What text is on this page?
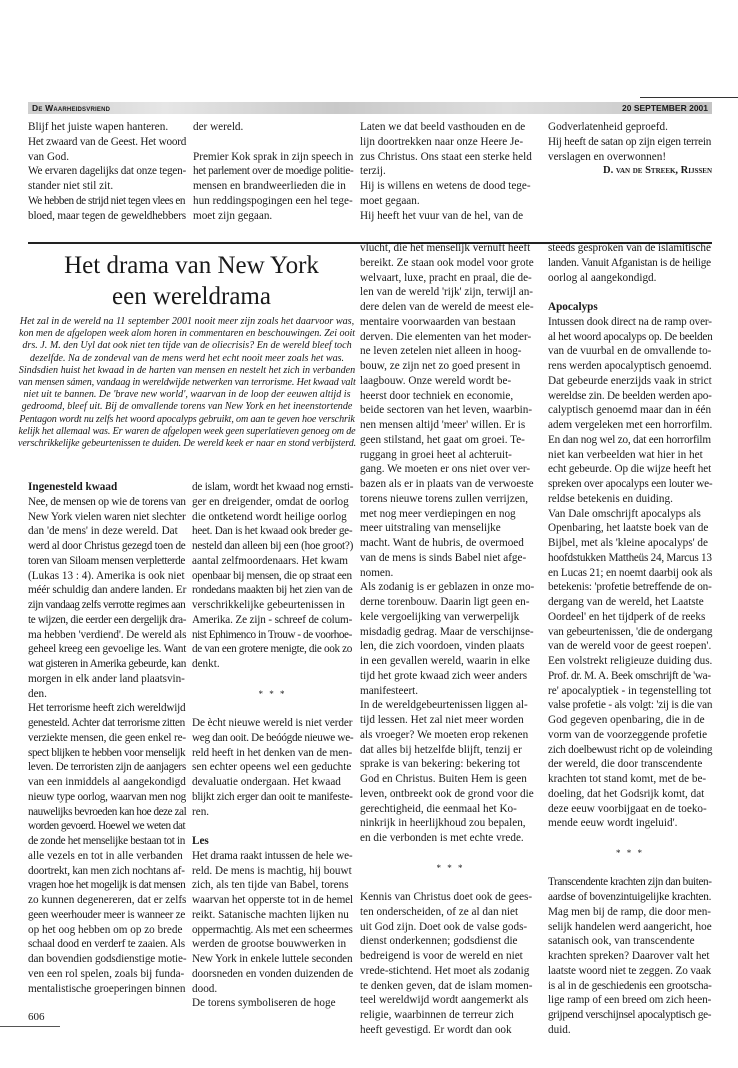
De Waarheidsvriend	20 SEPTEMBER 2001
Blijf het juiste wapen hanteren.
Het zwaard van de Geest. Het woord
van God.
We ervaren dagelijks dat onze tegen-
stander niet stil zit.
We hebben de strijd niet tegen vlees en
bloed, maar tegen de geweldhebbers
der wereld.
Premier Kok sprak in zijn speech in
het parlement over de moedige politie-
mensen en brandweerlieden die in
hun reddingspogingen een hel tege-
moet zijn gegaan.
Laten we dat beeld vasthouden en de
lijn doortrekken naar onze Heere Je-
zus Christus. Ons staat een sterke held
terzij.
Hij is willens en wetens de dood tege-
moet gegaan.
Hij heeft het vuur van de hel, van de
Godverlatenheid geproefd.
Hij heeft de satan op zijn eigen terrein
verslagen en overwonnen!
D. van de Streek, Rijssen
Het drama van New York
een wereldrama
Het zal in de wereld na 11 september 2001 nooit meer zijn zoals het daarvoor was,
kon men de afgelopen week alom horen in commentaren en beschouwingen. Zei ooit
drs. J. M. den Uyl dat ook niet ten tijde van de oliecrisis? En de wereld bleef toch
dezelfde. Na de zondeval van de mens werd het echt nooit meer zoals het was.
Sindsdien huist het kwaad in de harten van mensen en nestelt het zich in verbanden
van mensen sámen, vandaag in wereldwijde netwerken van terrorisme. Het kwaad valt
niet uit te bannen. De 'brave new world', waarvan in de loop der eeuwen altijd is
gedroomd, bleef uit. Bij de omvallende torens van New York en het ineenstortende
Pentagon wordt nu zelfs het woord apocalyps gebruikt, om aan te geven hoe verschrik
kelijk het allemaal was. Er waren de afgelopen week geen superlatieven genoeg om de
verschrikkelijke gebeurtenissen te duiden. De wereld keek er naar en stond verbijsterd.
Ingenesteld kwaad
Nee, de mensen op wie de torens van
New York vielen waren niet slechter
dan 'de mens' in deze wereld. Dat
werd al door Christus gezegd toen de
toren van Siloam mensen verpletterde
(Lukas 13 : 4). Amerika is ook niet
méér schuldig dan andere landen. Er
zijn vandaag zelfs verrotte regimes aan
te wijzen, die eerder een dergelijk dra-
ma hebben 'verdiend'. De wereld als
geheel kreeg een gevoelige les. Want
wat gisteren in Amerika gebeurde, kan
morgen in elk ander land plaatsvin-
den.
Het terrorisme heeft zich wereldwijd
genesteld. Achter dat terrorisme zitten
verziekte mensen, die geen enkel re-
spect blijken te hebben voor menselijk
leven. De terroristen zijn de aanjagers
van een inmiddels al aangekondigd
nieuw type oorlog, waarvan men nog
nauwelijks bevroeden kan hoe deze zal
worden gevoerd. Hoewel we weten dat
de zonde het menselijke bestaan tot in
alle vezels en tot in alle verbanden
doortrekt, kan men zich nochtans af-
vragen hoe het mogelijk is dat mensen
zo kunnen degenereren, dat er zelfs
geen weerhouder meer is wanneer ze
op het oog hebben om op zo brede
schaal dood en verderf te zaaien. Als
dan bovendien godsdienstige motie-
ven een rol spelen, zoals bij funda-
mentalistische groeperingen binnen
de islam, wordt het kwaad nog ernsti-
ger en dreigender, omdat de oorlog
die ontketend wordt heilige oorlog
heet. Dan is het kwaad ook breder ge-
nesteld dan alleen bij een (hoe groot?)
aantal zelfmoordenaars. Het kwam
openbaar bij mensen, die op straat een
rondedans maakten bij het zien van de
verschrikkelijke gebeurtenissen in
Amerika. Ze zijn - schreef de colum-
nist Ephimenco in Trouw - de voorhoe-
de van een grotere menigte, die ook zo
denkt.
* * *
De ècht nieuwe wereld is niet verder
weg dan ooit. De beóógde nieuwe we-
reld heeft in het denken van de men-
sen echter opeens wel een geduchte
devaluatie ondergaan. Het kwaad
blijkt zich erger dan ooit te manifeste-
ren.
Les
Het drama raakt intussen de hele we-
reld. De mens is machtig, hij bouwt
zich, als ten tijde van Babel, torens
waarvan het opperste tot in de hemel
reikt. Satanische machten lijken nu
oppermachtig. Als met een scheermes
werden de grootse bouwwerken in
New York in enkele luttele seconden
doorsneden en vonden duizenden de
dood.
De torens symboliseren de hoge
vlucht, die het menselijk vernuft heeft
bereikt. Ze staan ook model voor grote
welvaart, luxe, pracht en praal, die de-
len van de wereld 'rijk' zijn, terwijl an-
dere delen van de wereld de meest ele-
mentaire voorwaarden van bestaan
derven. Die elementen van het moder-
ne leven zetelen niet alleen in hoog-
bouw, ze zijn net zo goed present in
laagbouw. Onze wereld wordt be-
heerst door techniek en economie,
beide sectoren van het leven, waarbin-
nen mensen altijd 'meer' willen. Er is
geen stilstand, het gaat om groei. Te-
ruggang in groei heet al achteruit-
gang. We moeten er ons niet over ver-
bazen als er in plaats van de verwoeste
torens nieuwe torens zullen verrijzen,
met nog meer verdiepingen en nog
meer uitstraling van menselijke
macht. Want de hubris, de overmoed
van de mens is sinds Babel niet afge-
nomen.
Als zodanig is er geblazen in onze mo-
derne torenbouw. Daarin ligt geen en-
kele vergoelijking van verwerpelijk
misdadig gedrag. Maar de verschijnse-
len, die zich voordoen, vinden plaats
in een gevallen wereld, waarin in elke
tijd het grote kwaad zich weer anders
manifesteert.
In de wereldgebeurtenissen liggen al-
tijd lessen. Het zal niet meer worden
als vroeger? We moeten erop rekenen
dat alles bij hetzelfde blijft, tenzij er
sprake is van bekering: bekering tot
God en Christus. Buiten Hem is geen
leven, ontbreekt ook de grond voor die
gerechtigheid, die eenmaal het Ko-
ninkrijk in heerlijkhoud zou bepalen,
en die verbonden is met echte vrede.
* * *
Kennis van Christus doet ook de gees-
ten onderscheiden, of ze al dan niet
uit God zijn. Doet ook de valse gods-
dienst onderkennen; godsdienst die
bedreigend is voor de wereld en niet
vrede-stichtend. Het moet als zodanig
te denken geven, dat de islam momen-
teel wereldwijd wordt aangemerkt als
religie, waarbinnen de terreur zich
heeft gevestigd. Er wordt dan ook
steeds gesproken van de islamitische
landen. Vanuit Afganistan is de heilige
oorlog al aangekondigd.
Apocalyps
Intussen dook direct na de ramp over-
al het woord apocalyps op. De beelden
van de vuurbal en de omvallende to-
rens werden apocalyptisch genoemd.
Dat gebeurde enerzijds vaak in strict
wereldse zin. De beelden werden apo-
calyptisch genoemd maar dan in één
adem vergeleken met een horrorfilm.
En dan nog wel zo, dat een horrorfilm
niet kan verbeelden wat hier in het
echt gebeurde. Op die wijze heeft het
spreken over apocalyps een louter we-
reldse betekenis en duiding.
Van Dale omschrijft apocalyps als
Openbaring, het laatste boek van de
Bijbel, met als 'kleine apocalyps' de
hoofdstukken Mattheüs 24, Marcus 13
en Lucas 21; en noemt daarbij ook als
betekenis: 'profetie betreffende de on-
dergang van de wereld, het Laatste
Oordeel' en het tijdperk of de reeks
van gebeurtenissen, 'die de ondergang
van de wereld voor de geest roepen'.
Een volstrekt religieuze duiding dus.
Prof. dr. M. A. Beek omschrijft de 'wa-
re' apocalyptiek - in tegenstelling tot
valse profetie - als volgt: 'zij is die van
God gegeven openbaring, die in de
vorm van de voorzeggende profetie
zich doelbewust richt op de voleinding
der wereld, die door transcendente
krachten tot stand komt, met de be-
doeling, dat het Godsrijk komt, dat
deze eeuw voorbijgaat en de toeko-
mende eeuw wordt ingeluid'.
* * *
Transcendente krachten zijn dan buiten-
aardse of bovenzintuigelijke krachten.
Mag men bij de ramp, die door men-
selijk handelen werd aangericht, hoe
satanisch ook, van transcendente
krachten spreken? Daarover valt het
laatste woord niet te zeggen. Zo vaak
is al in de geschiedenis een grootscha-
lige ramp of een breed om zich heen-
grijpend verschijnsel apocalyptisch ge-
duid.
606
